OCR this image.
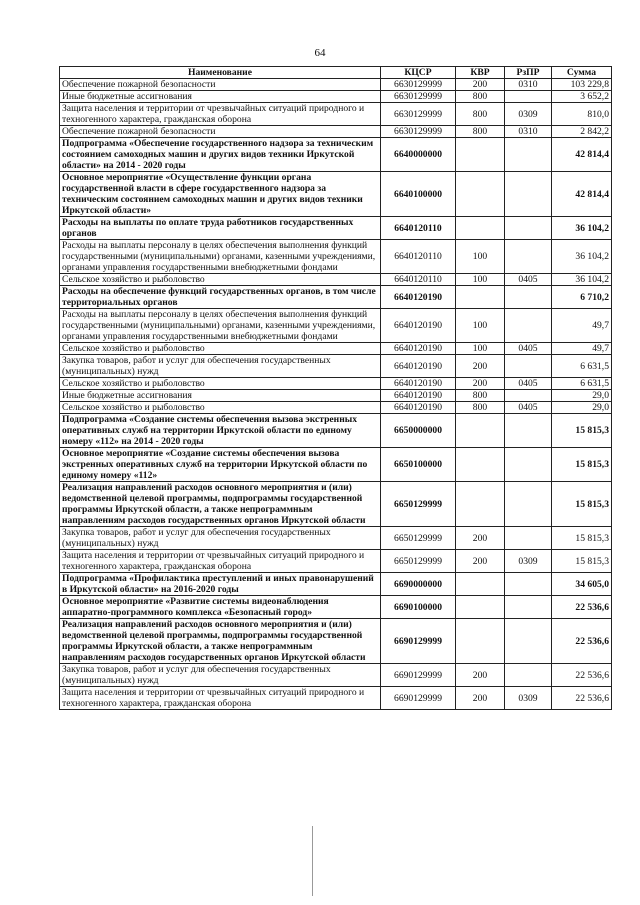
64
Наименование	КЦСР	КВР	РзПР	Сумма
Обеспечение пожарной безопасности	6630129999	200	0310	103 229,8
Иные бюджетные ассигнования	6630129999	800		3 652,2
Защита населения и территории от чрезвычайных ситуаций природного и техногенного характера, гражданская оборона	6630129999	800	0309	810,0
Обеспечение пожарной безопасности	6630129999	800	0310	2 842,2
Подпрограмма «Обеспечение государственного надзора за техническим состоянием самоходных машин и других видов техники Иркутской области» на 2014 - 2020 годы	6640000000			42 814,4
Основное мероприятие «Осуществление функции органа государственной власти в сфере государственного надзора за техническим состоянием самоходных машин и других видов техники Иркутской области»	6640100000			42 814,4
Расходы на выплаты по оплате труда работников государственных органов	6640120110			36 104,2
Расходы на выплаты персоналу в целях обеспечения выполнения функций государственными (муниципальными) органами, казенными учреждениями, органами управления государственными внебюджетными фондами	6640120110	100		36 104,2
Сельское хозяйство и рыболовство	6640120110	100	0405	36 104,2
Расходы на обеспечение функций государственных органов, в том числе территориальных органов	6640120190			6 710,2
Расходы на выплаты персоналу в целях обеспечения выполнения функций государственными (муниципальными) органами, казенными учреждениями, органами управления государственными внебюджетными фондами	6640120190	100		49,7
Сельское хозяйство и рыболовство	6640120190	100	0405	49,7
Закупка товаров, работ и услуг для обеспечения государственных (муниципальных) нужд	6640120190	200		6 631,5
Сельское хозяйство и рыболовство	6640120190	200	0405	6 631,5
Иные бюджетные ассигнования	6640120190	800		29,0
Сельское хозяйство и рыболовство	6640120190	800	0405	29,0
Подпрограмма «Создание системы обеспечения вызова экстренных оперативных служб на территории Иркутской области по единому номеру «112» на 2014 - 2020 годы	6650000000			15 815,3
Основное мероприятие «Создание системы обеспечения вызова экстренных оперативных служб на территории Иркутской области по единому номеру «112»	6650100000			15 815,3
Реализация направлений расходов основного мероприятия и (или) ведомственной целевой программы, подпрограммы государственной программы Иркутской области, а также непрограммным направлениям расходов государственных органов Иркутской области	6650129999			15 815,3
Закупка товаров, работ и услуг для обеспечения государственных (муниципальных) нужд	6650129999	200		15 815,3
Защита населения и территории от чрезвычайных ситуаций природного и техногенного характера, гражданская оборона	6650129999	200	0309	15 815,3
Подпрограмма «Профилактика преступлений и иных правонарушений в Иркутской области» на 2016-2020 годы	6690000000			34 605,0
Основное мероприятие «Развитие системы видеонаблюдения аппаратно-программного комплекса «Безопасный город»	6690100000			22 536,6
Реализация направлений расходов основного мероприятия и (или) ведомственной целевой программы, подпрограммы государственной программы Иркутской области, а также непрограммным направлениям расходов государственных органов Иркутской области	6690129999			22 536,6
Закупка товаров, работ и услуг для обеспечения государственных (муниципальных) нужд	6690129999	200		22 536,6
Защита населения и территории от чрезвычайных ситуаций природного и техногенного характера, гражданская оборона	6690129999	200	0309	22 536,6
